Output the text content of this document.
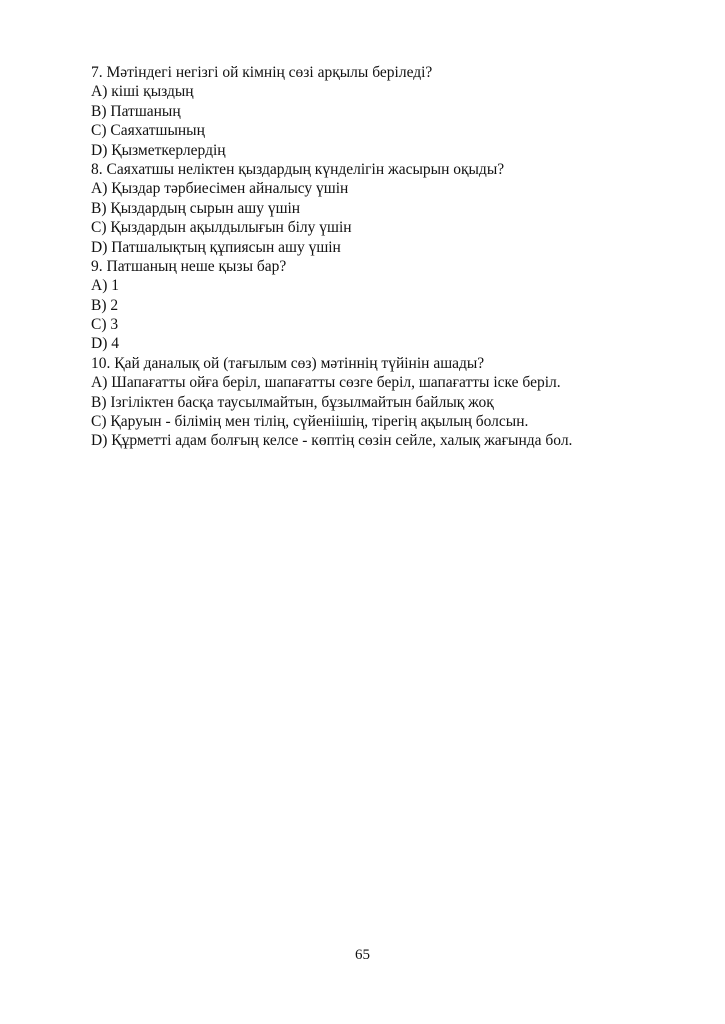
7. Мәтіндегі негізгі ой кімнің сөзі арқылы беріледі?
A) кіші қыздың
B) Патшаның
C) Саяхатшының
D) Қызметкерлердің
8. Саяхатшы неліктен қыздардың күнделігін жасырын оқыды?
A) Қыздар тәрбиесімен айналысу үшін
B) Қыздардың сырын ашу үшін
C) Қыздардын ақылдылығын білу үшін
D) Патшалықтың құпиясын ашу үшін
9. Патшаның неше қызы бар?
A) 1
B) 2
C) 3
D) 4
10. Қай даналық ой (тағылым сөз) мәтіннің түйінін ашады?
A) Шапағатты ойға беріл, шапағатты сөзге беріл, шапағатты іске беріл.
B) Ізгіліктен басқа таусылмайтын, бұзылмайтын байлық жоқ
C) Қаруын - білімің мен тілің, сүйеніішің, тірегің ақылың болсын.
D) Құрметті адам болғың келсе - көптің сөзін сейле, халық жағында бол.
65
